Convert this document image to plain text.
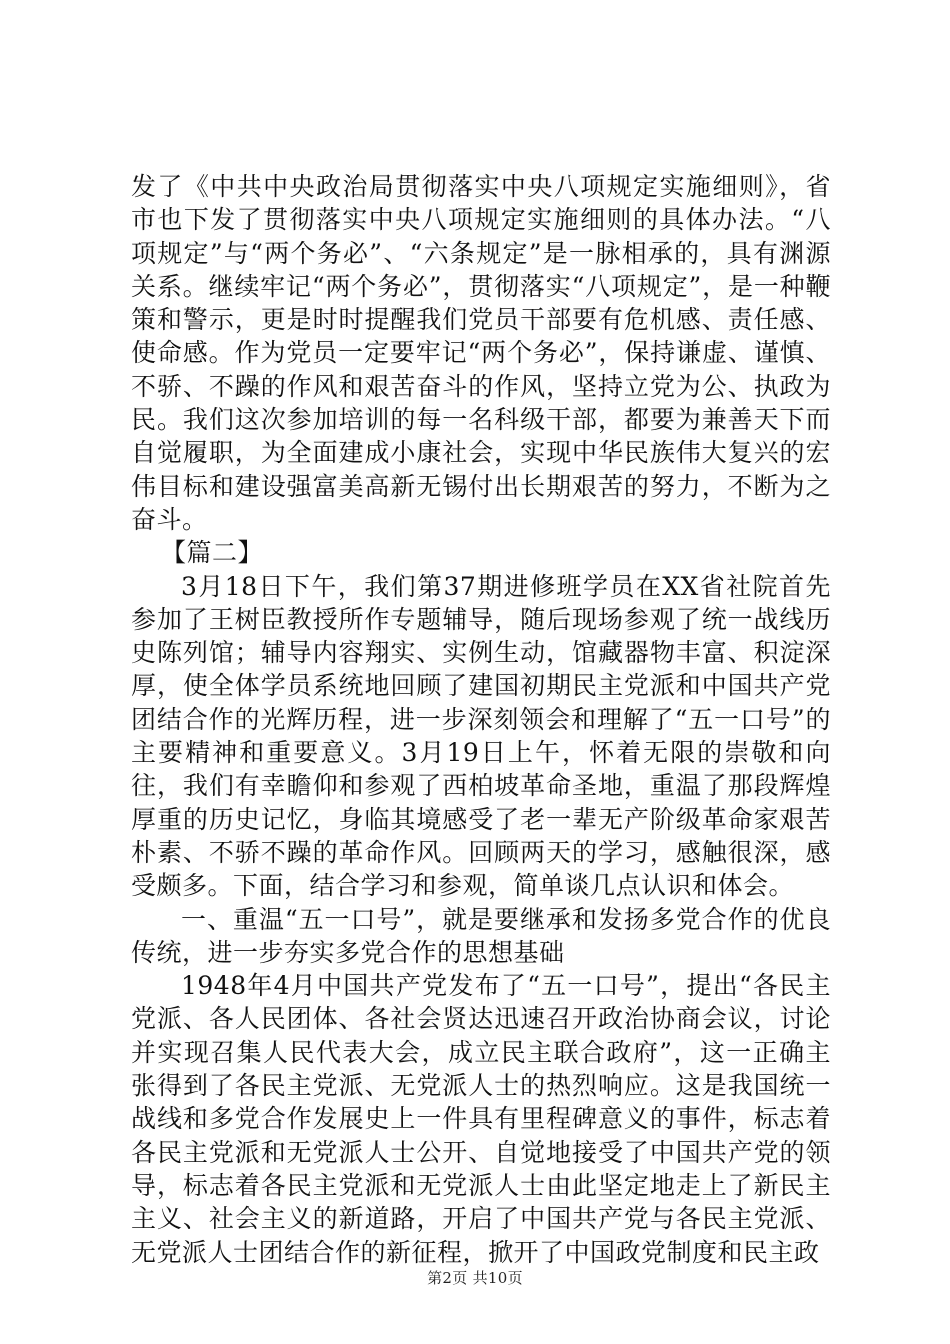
发了《中共中央政治局贯彻落实中央八项规定实施细则》，省市也下发了贯彻落实中央八项规定实施细则的具体办法。“八项规定”与“两个务必”、“六条规定”是一脉相承的，具有渊源关系。继续牢记“两个务必”，贯彻落实“八项规定”，是一种鞭策和警示，更是时时提醒我们党员干部要有危机感、责任感、使命感。作为党员一定要牢记“两个务必”，保持谦虚、谨慎、不骄、不躁的作风和艰苦奋斗的作风，坚持立党为公、执政为民。我们这次参加培训的每一名科级干部，都要为兼善天下而自觉履职，为全面建成小康社会，实现中华民族伟大复兴的宏伟目标和建设强富美高新无锡付出长期艰苦的努力，不断为之奋斗。

【篇二】

3月18日下午，我们第37期进修班学员在XX省社院首先参加了王树臣教授所作专题辅导，随后现场参观了统一战线历史陈列馆；辅导内容翔实、实例生动，馆藏器物丰富、积淀深厚，使全体学员系统地回顾了建国初期民主党派和中国共产党团结合作的光辉历程，进一步深刻领会和理解了“五一口号”的主要精神和重要意义。3月19日上午，怀着无限的崇敬和向往，我们有幸瞻仰和参观了西柏坡革命圣地，重温了那段辉煌厚重的历史记忆，身临其境感受了老一辈无产阶级革命家艰苦朴素、不骄不躁的革命作风。回顾两天的学习，感触很深，感受颇多。下面，结合学习和参观，简单谈几点认识和体会。

一、重温“五一口号”，就是要继承和发扬多党合作的优良传统，进一步夯实多党合作的思想基础

1948年4月中国共产党发布了“五一口号”，提出“各民主党派、各人民团体、各社会贤达迅速召开政治协商会议，讨论并实现召集人民代表大会，成立民主联合政府”，这一正确主张得到了各民主党派、无党派人士的热烈响应。这是我国统一战线和多党合作发展史上一件具有里程碑意义的事件，标志着各民主党派和无党派人士公开、自觉地接受了中国共产党的领导，标志着各民主党派和无党派人士由此坚定地走上了新民主主义、社会主义的新道路，开启了中国共产党与各民主党派、无党派人士团结合作的新征程，掀开了中国政党制度和民主政

第2页 共10页
